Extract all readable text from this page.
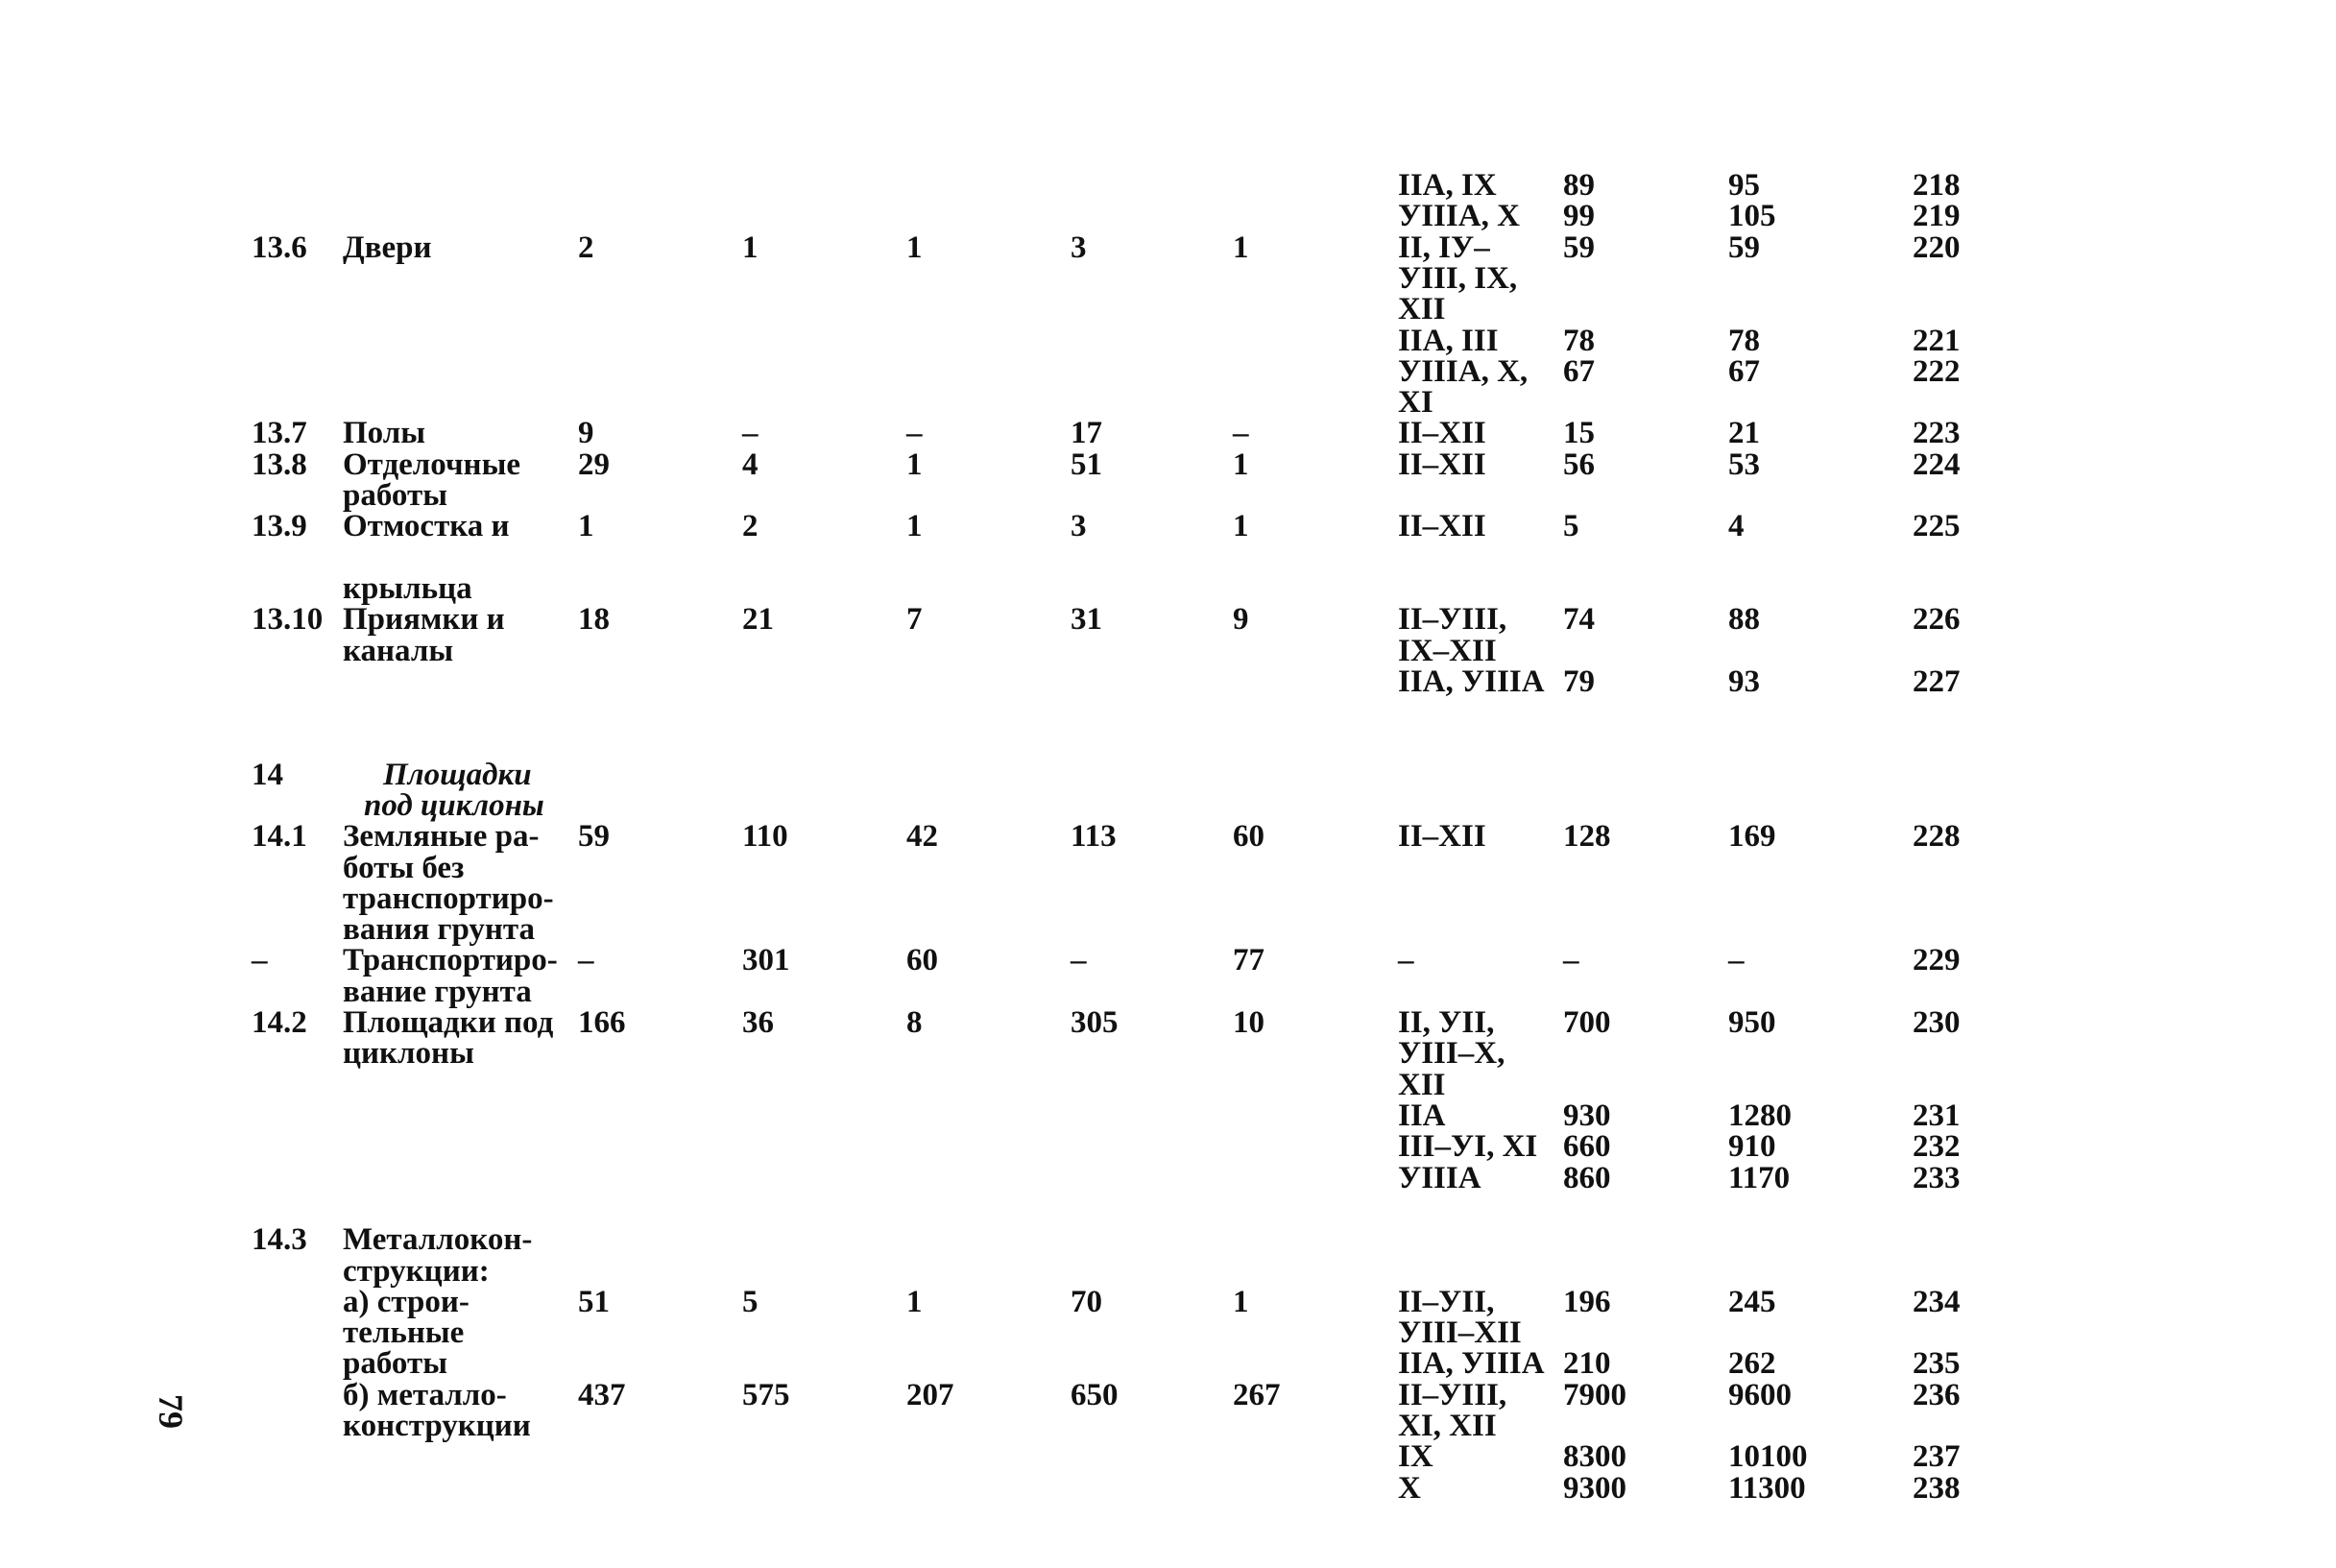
IIA, IX 89	95	218
УIIIA, X 99	105	219
13.6 Двери	2	1	1	3	1	II, IУ– 59	59	220
УIII, IX,
XII
IIA, III 78	78	221
УIIIA, X, 67	67	222
XI
13.7 Полы	9	–	–	17	–	II–XII 15	21	223
13.8 Отделочные 29	4	1	51	1	II–XII 56	53	224
работы
13.9 Отмостка и 1	2	1	3	1	II–XII 5	4	225
крыльца
13.10 Приямки и 18	21	7	31	9	II–УIII, 74	88	226
каналы	IX–XII
IIA, УIIIA 79	93	227
14	Площадки
под циклоны
14.1 Земляные ра- 59	110	42	113	60	II–XII 128	169	228
боты без
транспортиро-
вания грунта
– Транспортиро- –	301	60	–	77	–	–	–	229
вание грунта
14.2 Площадки под 166	36	8	305	10	II, УII, 700	950	230
циклоны	УIII–X,
XII
IIA	930	1280	231
III–УI, XI 660	910	232
УIIIA	860	1170	233
14.3 Металлокон-
струкции:
а) строи-	51	5	1	70	1	II–УII, 196	245	234
тельные	УIII–XII
работы	IIA, УIIIA 210	262	235
б) металло- 437	575	207	650	267	II–УIII, 7900	9600	236
конструкции	XI, XII
IX	8300	10100	237
X	9300	11300	238
79
